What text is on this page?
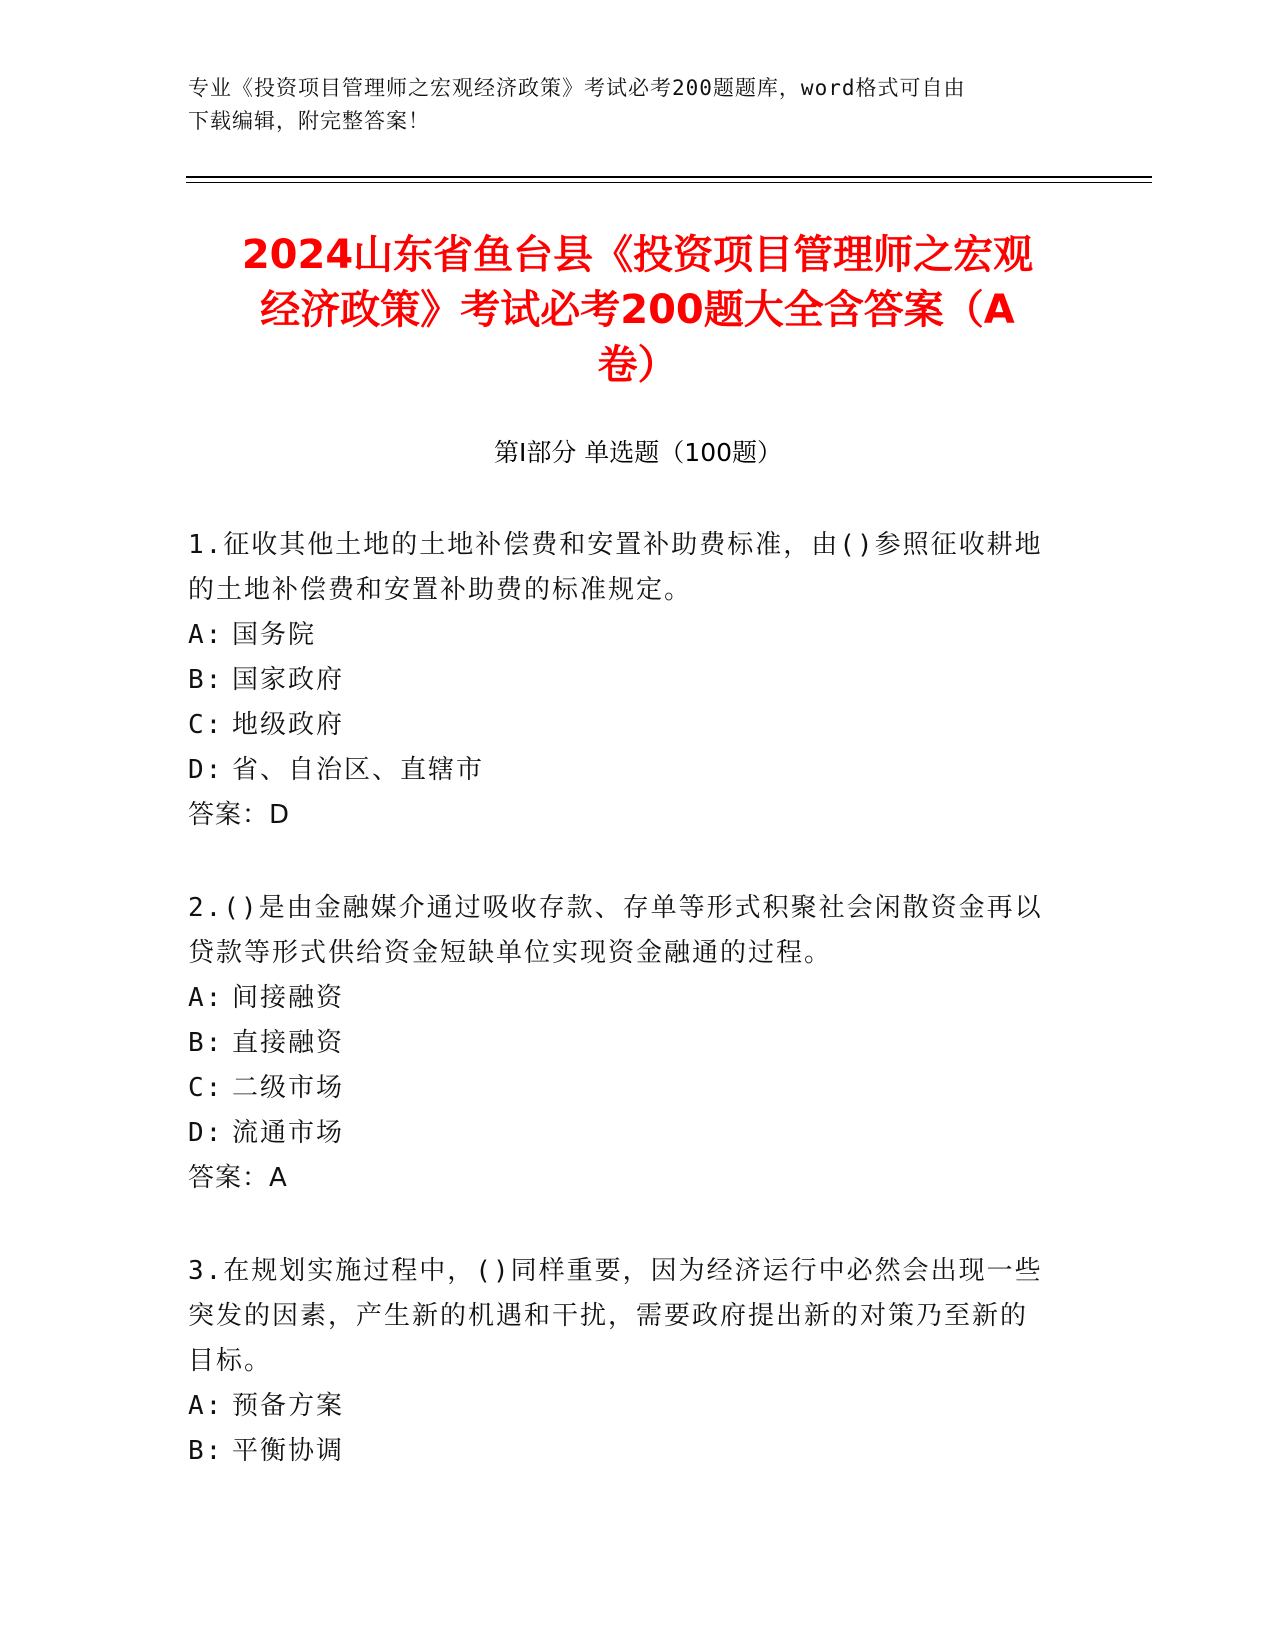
专业《投资项目管理师之宏观经济政策》考试必考200题题库，word格式可自由
下载编辑，附完整答案！
2024山东省鱼台县《投资项目管理师之宏观
经济政策》考试必考200题大全含答案（A
卷）
第Ⅰ部分 单选题（100题）
1.征收其他土地的土地补偿费和安置补助费标准，由()参照征收耕地
的土地补偿费和安置补助费的标准规定。
A: 国务院
B: 国家政府
C: 地级政府
D: 省、自治区、直辖市
答案：D
2.()是由金融媒介通过吸收存款、存单等形式积聚社会闲散资金再以
贷款等形式供给资金短缺单位实现资金融通的过程。
A: 间接融资
B: 直接融资
C: 二级市场
D: 流通市场
答案：A
3.在规划实施过程中，()同样重要，因为经济运行中必然会出现一些
突发的因素，产生新的机遇和干扰，需要政府提出新的对策乃至新的
目标。
A: 预备方案
B: 平衡协调
